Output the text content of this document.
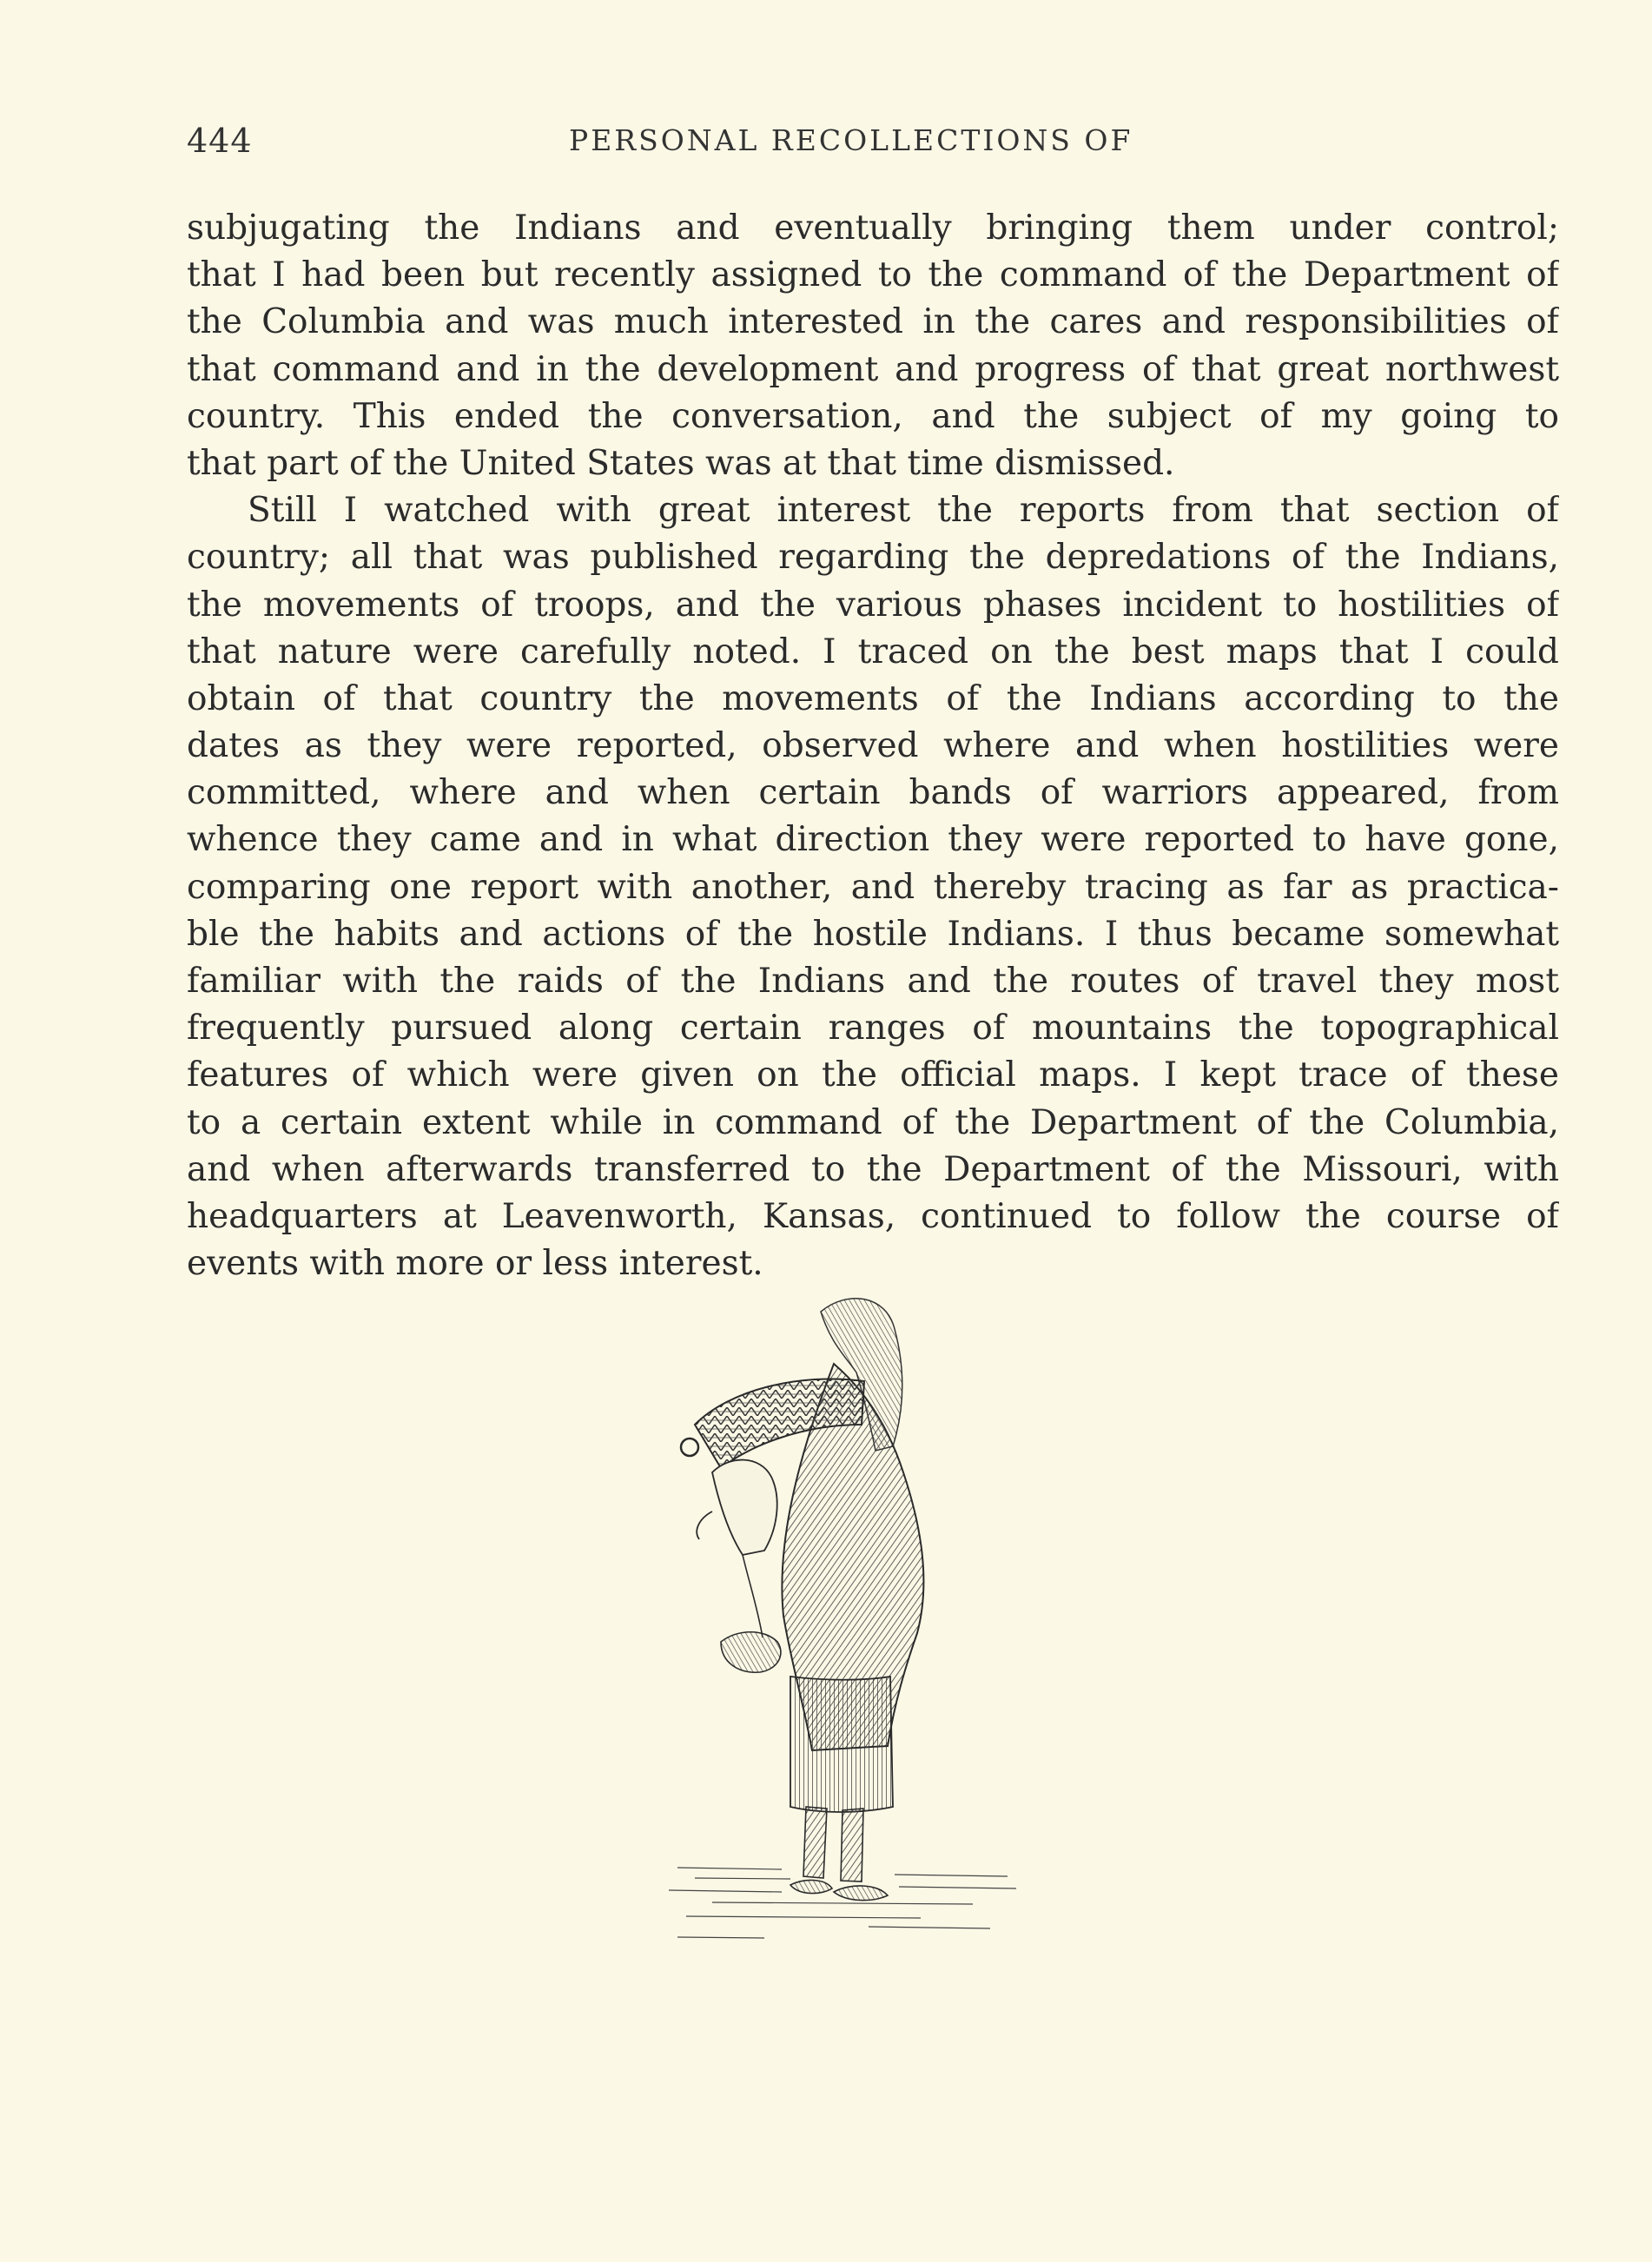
444	PERSONAL RECOLLECTIONS OF
subjugating the Indians and eventually bringing them under control;
that I had been but recently assigned to the command of the Department of
the Columbia and was much interested in the cares and responsibilities of
that command and in the development and progress of that great northwest
country. This ended the conversation, and the subject of my going to
that part of the United States was at that time dismissed.
Still I watched with great interest the reports from that section of
country; all that was published regarding the depredations of the Indians,
the movements of troops, and the various phases incident to hostilities of
that nature were carefully noted. I traced on the best maps that I could
obtain of that country the movements of the Indians according to the
dates as they were reported, observed where and when hostilities were
committed, where and when certain bands of warriors appeared, from
whence they came and in what direction they were reported to have gone,
comparing one report with another, and thereby tracing as far as practica-
ble the habits and actions of the hostile Indians. I thus became somewhat
familiar with the raids of the Indians and the routes of travel they most
frequently pursued along certain ranges of mountains the topographical
features of which were given on the official maps. I kept trace of these
to a certain extent while in command of the Department of the Columbia,
and when afterwards transferred to the Department of the Missouri, with
headquarters at Leavenworth, Kansas, continued to follow the course of
events with more or less interest.
